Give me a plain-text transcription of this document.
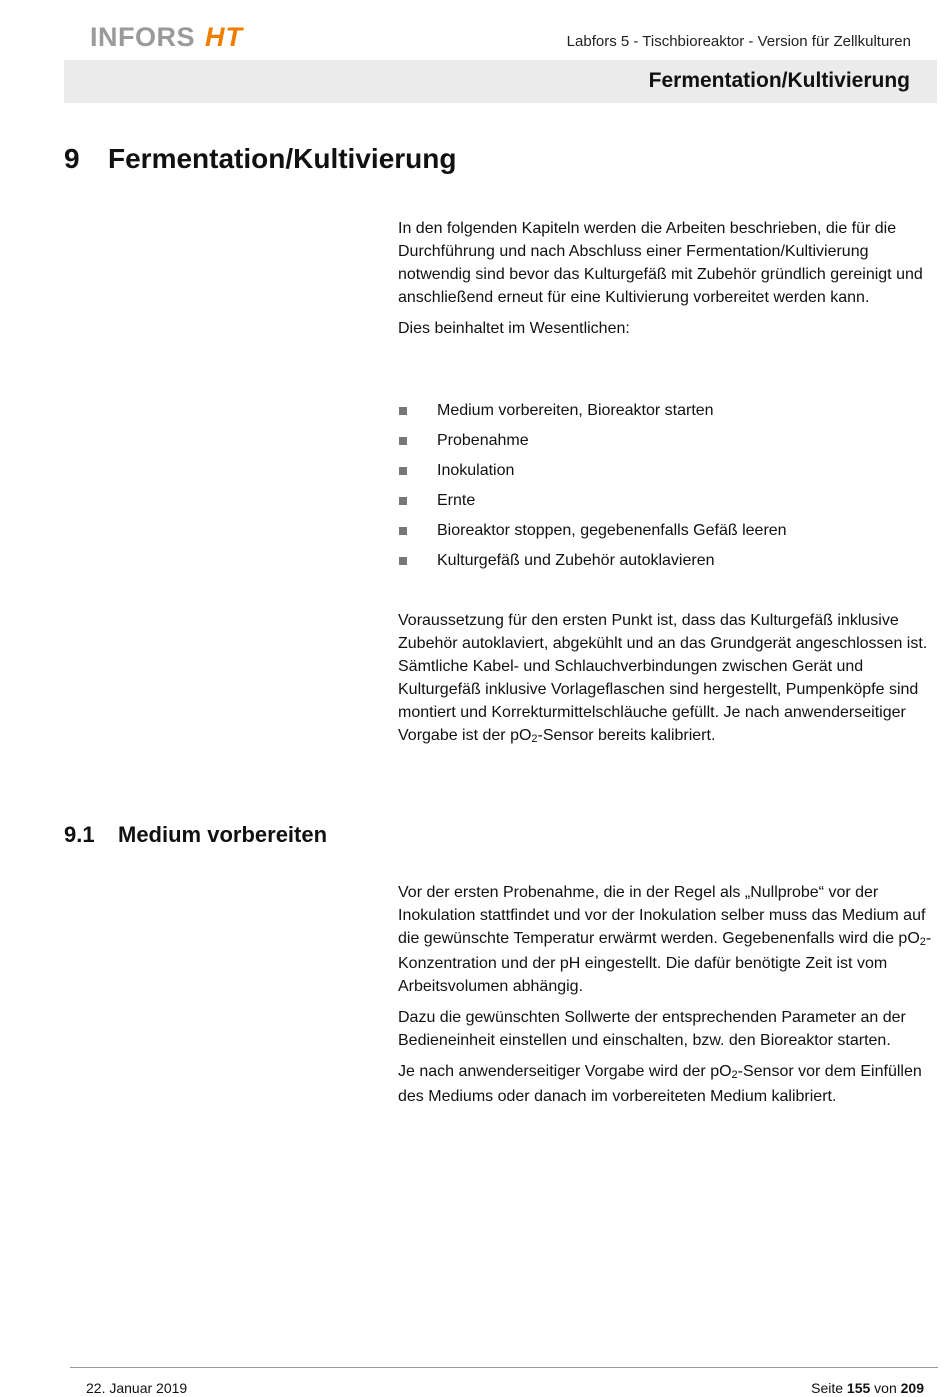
INFORS HT	Labfors 5 - Tischbioreaktor - Version für Zellkulturen
Fermentation/Kultivierung
9 Fermentation/Kultivierung

In den folgenden Kapiteln werden die Arbeiten beschrieben, die für die Durchführung und nach Abschluss einer Fermentation/Kultivierung notwendig sind bevor das Kulturgefäß mit Zubehör gründlich gereinigt und anschließend erneut für eine Kultivierung vorbereitet werden kann.

Dies beinhaltet im Wesentlichen:

Medium vorbereiten, Bioreaktor starten
Probenahme
Inokulation
Ernte
Bioreaktor stoppen, gegebenenfalls Gefäß leeren
Kulturgefäß und Zubehör autoklavieren

Voraussetzung für den ersten Punkt ist, dass das Kulturgefäß inklusive Zubehör autoklaviert, abgekühlt und an das Grundgerät angeschlossen ist. Sämtliche Kabel- und Schlauchverbindungen zwischen Gerät und Kulturgefäß inklusive Vorlageflaschen sind hergestellt, Pumpenköpfe sind montiert und Korrekturmittelschläuche gefüllt. Je nach anwenderseitiger Vorgabe ist der $pO_2$-Sensor bereits kalibriert.

9.1 Medium vorbereiten

Vor der ersten Probenahme, die in der Regel als „Nullprobe“ vor der Inokulation stattfindet und vor der Inokulation selber muss das Medium auf die gewünschte Temperatur erwärmt werden. Gegebenenfalls wird die $pO_2$-Konzentration und der pH eingestellt. Die dafür benötigte Zeit ist vom Arbeitsvolumen abhängig.

Dazu die gewünschten Sollwerte der entsprechenden Parameter an der Bedieneinheit einstellen und einschalten, bzw. den Bioreaktor starten.

Je nach anwenderseitiger Vorgabe wird der $pO_2$-Sensor vor dem Einfüllen des Mediums oder danach im vorbereiteten Medium kalibriert.

22. Januar 2019	Seite 155 von 209
